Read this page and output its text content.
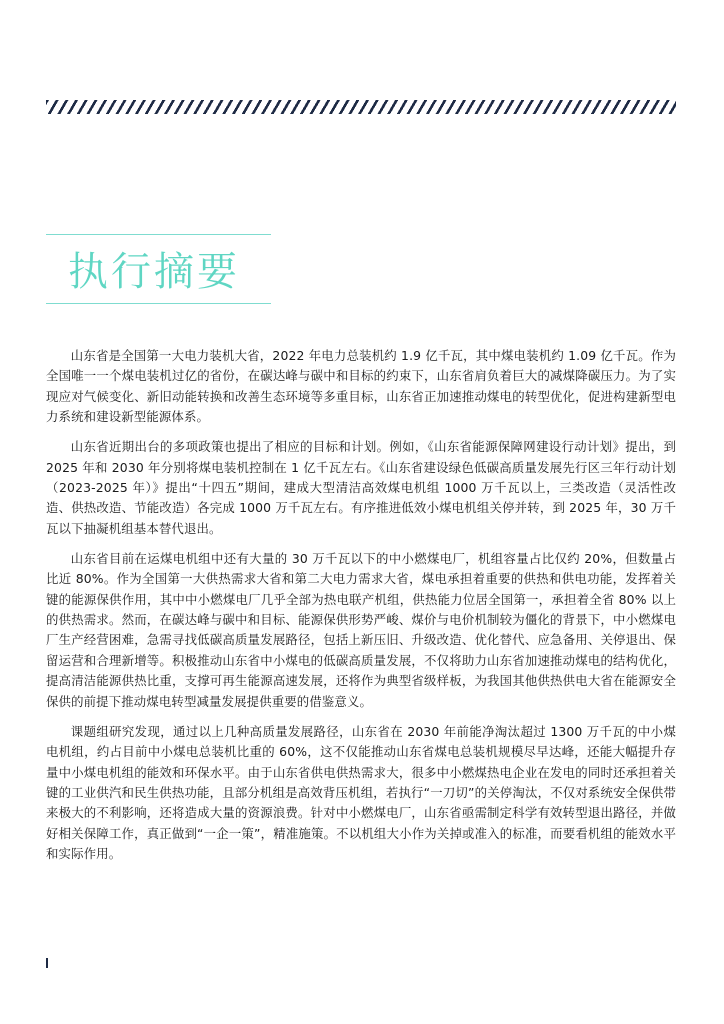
执行摘要

山东省是全国第一大电力装机大省，2022 年电力总装机约 1.9 亿千瓦，其中煤电装机约 1.09 亿千瓦。作为全国唯一一个煤电装机过亿的省份，在碳达峰与碳中和目标的约束下，山东省肩负着巨大的减煤降碳压力。为了实现应对气候变化、新旧动能转换和改善生态环境等多重目标，山东省正加速推动煤电的转型优化，促进构建新型电力系统和建设新型能源体系。

山东省近期出台的多项政策也提出了相应的目标和计划。例如，《山东省能源保障网建设行动计划》提出，到 2025 年和 2030 年分别将煤电装机控制在 1 亿千瓦左右。《山东省建设绿色低碳高质量发展先行区三年行动计划（2023-2025 年）》提出“十四五”期间，建成大型清洁高效煤电机组 1000 万千瓦以上，三类改造（灵活性改造、供热改造、节能改造）各完成 1000 万千瓦左右。有序推进低效小煤电机组关停并转，到 2025 年，30 万千瓦以下抽凝机组基本替代退出。

山东省目前在运煤电机组中还有大量的 30 万千瓦以下的中小燃煤电厂，机组容量占比仅约 20%，但数量占比近 80%。作为全国第一大供热需求大省和第二大电力需求大省，煤电承担着重要的供热和供电功能，发挥着关键的能源保供作用，其中中小燃煤电厂几乎全部为热电联产机组，供热能力位居全国第一，承担着全省 80% 以上的供热需求。然而，在碳达峰与碳中和目标、能源保供形势严峻、煤价与电价机制较为僵化的背景下，中小燃煤电厂生产经营困难，急需寻找低碳高质量发展路径，包括上新压旧、升级改造、优化替代、应急备用、关停退出、保留运营和合理新增等。积极推动山东省中小煤电的低碳高质量发展，不仅将助力山东省加速推动煤电的结构优化，提高清洁能源供热比重，支撑可再生能源高速发展，还将作为典型省级样板，为我国其他供热供电大省在能源安全保供的前提下推动煤电转型减量发展提供重要的借鉴意义。

课题组研究发现，通过以上几种高质量发展路径，山东省在 2030 年前能净淘汰超过 1300 万千瓦的中小煤电机组，约占目前中小煤电总装机比重的 60%，这不仅能推动山东省煤电总装机规模尽早达峰，还能大幅提升存量中小煤电机组的能效和环保水平。由于山东省供电供热需求大，很多中小燃煤热电企业在发电的同时还承担着关键的工业供汽和民生供热功能，且部分机组是高效背压机组，若执行“一刀切”的关停淘汰，不仅对系统安全保供带来极大的不利影响，还将造成大量的资源浪费。针对中小燃煤电厂，山东省亟需制定科学有效转型退出路径，并做好相关保障工作，真正做到“一企一策”，精准施策。不以机组大小作为关掉或准入的标准，而要看机组的能效水平和实际作用。
